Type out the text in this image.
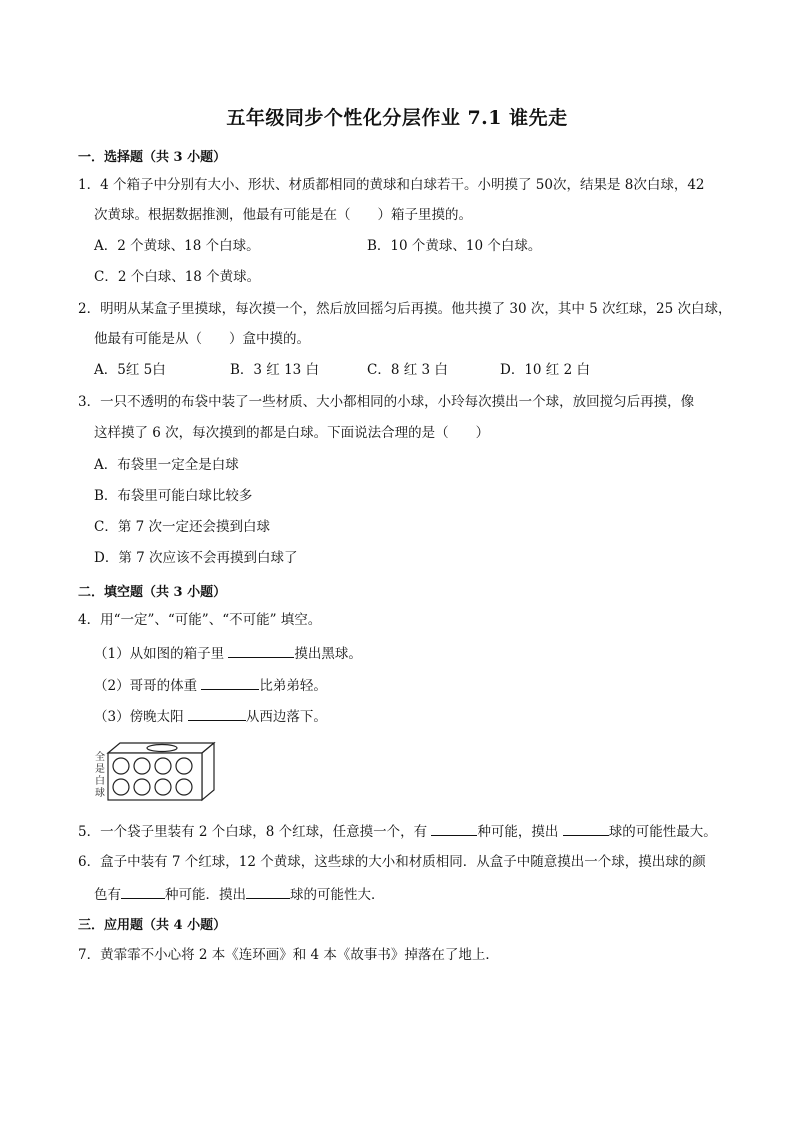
五年级同步个性化分层作业 7.1 谁先走
一．选择题（共 3 小题）
1．4 个箱子中分别有大小、形状、材质都相同的黄球和白球若干。小明摸了 50次，结果是 8次白球，42
次黄球。根据数据推测，他最有可能是在（　　）箱子里摸的。
A．2 个黄球、18 个白球。	B．10 个黄球、10 个白球。
C．2 个白球、18 个黄球。
2．明明从某盒子里摸球，每次摸一个，然后放回摇匀后再摸。他共摸了 30 次，其中 5 次红球，25 次白球，
他最有可能是从（　　）盒中摸的。
A．5红 5白	B．3 红 13 白	C．8 红 3 白	D．10 红 2 白
3．一只不透明的布袋中装了一些材质、大小都相同的小球，小玲每次摸出一个球，放回搅匀后再摸，像
这样摸了 6 次，每次摸到的都是白球。下面说法合理的是（　　）
A．布袋里一定全是白球
B．布袋里可能白球比较多
C．第 7 次一定还会摸到白球
D．第 7 次应该不会再摸到白球了
二．填空题（共 3 小题）
4．用“一定”、“可能”、“不可能” 填空。
（1）从如图的箱子里	摸出黑球。
（2）哥哥的体重	比弟弟轻。
（3）傍晚太阳	从西边落下。
全
是
白
球
5．一个袋子里装有 2 个白球，8 个红球，任意摸一个，有	种可能，摸出	球的可能性最大。
6．盒子中装有 7 个红球，12 个黄球，这些球的大小和材质相同．从盒子中随意摸出一个球，摸出球的颜
色有	种可能．摸出	球的可能性大．
三．应用题（共 4 小题）
7．黄霏霏不小心将 2 本《连环画》和 4 本《故事书》掉落在了地上．
